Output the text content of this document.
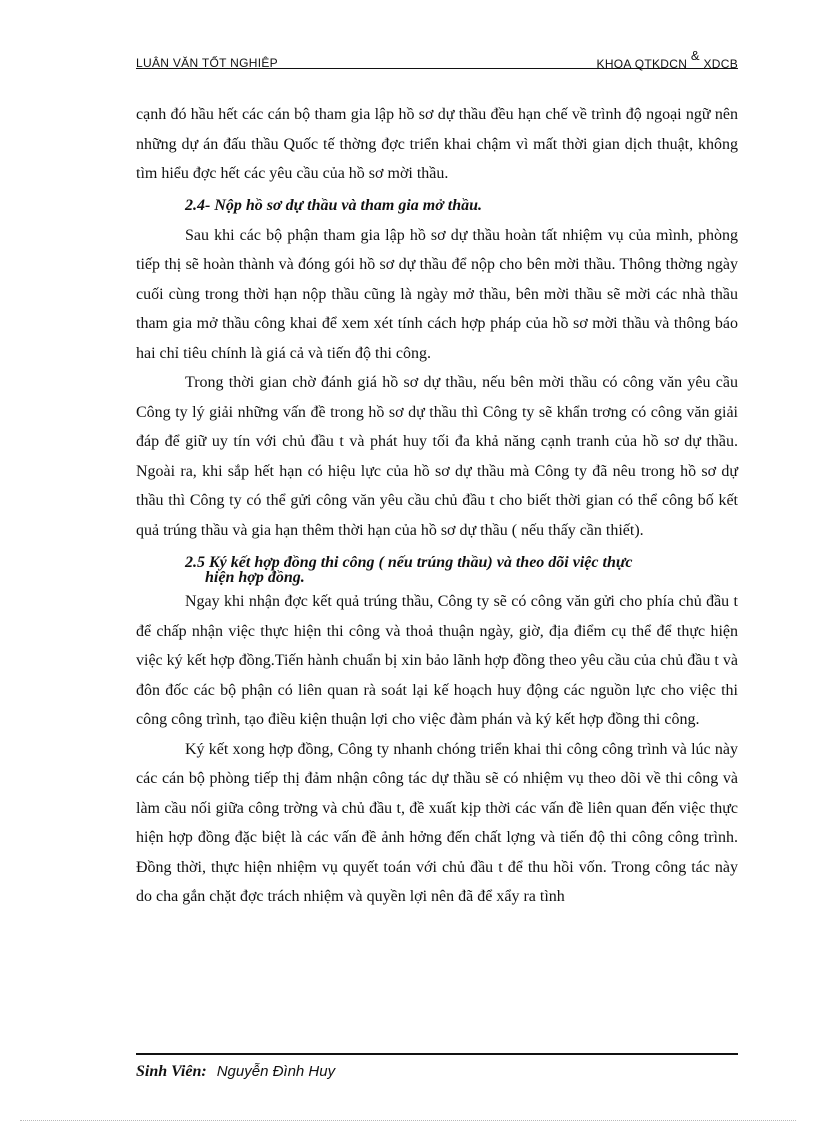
LUẬN VĂN TỐT NGHIỆP	KHOA QTKDCN & XDCB

cạnh đó hầu hết các cán bộ tham gia lập hồ sơ dự thầu đều hạn chế về trình độ ngoại ngữ nên những dự án đấu thầu Quốc tế thờng đợc triển khai chậm vì mất thời gian dịch thuật, không tìm hiểu đợc hết các yêu cầu của hồ sơ mời thầu.

2.4- Nộp hồ sơ dự thầu và tham gia mở thầu.

Sau khi các bộ phận tham gia lập hồ sơ dự thầu hoàn tất nhiệm vụ của mình, phòng tiếp thị sẽ hoàn thành và đóng gói hồ sơ dự thầu để nộp cho bên mời thầu. Thông thờng ngày cuối cùng trong thời hạn nộp thầu cũng là ngày mở thầu, bên mời thầu sẽ mời các nhà thầu tham gia mở thầu công khai để xem xét tính cách hợp pháp của hồ sơ mời thầu và thông báo hai chỉ tiêu chính là giá cả và tiến độ thi công.

Trong thời gian chờ đánh giá hồ sơ dự thầu, nếu bên mời thầu có công văn yêu cầu Công ty lý giải những vấn đề trong hồ sơ dự thầu thì Công ty sẽ khẩn trơng có công văn giải đáp để giữ uy tín với chủ đầu t và phát huy tối đa khả năng cạnh tranh của hồ sơ dự thầu. Ngoài ra, khi sắp hết hạn có hiệu lực của hồ sơ dự thầu mà Công ty đã nêu trong hồ sơ dự thầu thì Công ty có thể gửi công văn yêu cầu chủ đầu t cho biết thời gian có thể công bố kết quả trúng thầu và gia hạn thêm thời hạn của hồ sơ dự thầu ( nếu thấy cần thiết).

2.5 Ký kết hợp đồng thi công ( nếu trúng thầu) và theo dõi việc thực
hiện hợp đồng.

Ngay khi nhận đợc kết quả trúng thầu, Công ty sẽ có công văn gửi cho phía chủ đầu t để chấp nhận việc thực hiện thi công và thoả thuận ngày, giờ, địa điểm cụ thể để thực hiện việc ký kết hợp đồng.Tiến hành chuẩn bị xin bảo lãnh hợp đồng theo yêu cầu của chủ đầu t và đôn đốc các bộ phận có liên quan rà soát lại kế hoạch huy động các nguồn lực cho việc thi công công trình, tạo điều kiện thuận lợi cho việc đàm phán và ký kết hợp đồng thi công.

Ký kết xong hợp đồng, Công ty nhanh chóng triển khai thi công công trình và lúc này các cán bộ phòng tiếp thị đảm nhận công tác dự thầu sẽ có nhiệm vụ theo dõi về thi công và làm cầu nối giữa công trờng và chủ đầu t, đề xuất kịp thời các vấn đề liên quan đến việc thực hiện hợp đồng đặc biệt là các vấn đề ảnh hởng đến chất lợng và tiến độ thi công công trình. Đồng thời, thực hiện nhiệm vụ quyết toán với chủ đầu t để thu hồi vốn. Trong công tác này do cha gắn chặt đợc trách nhiệm và quyền lợi nên đã để xẩy ra tình

Sinh Viên: Nguyễn Đình Huy
